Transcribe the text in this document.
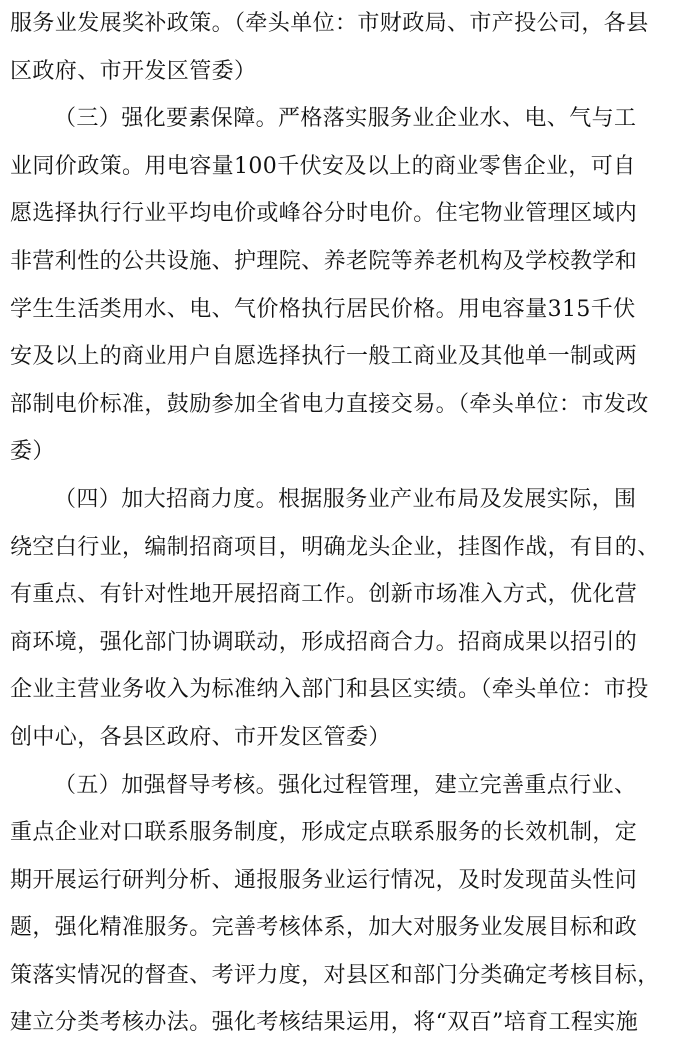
服务业发展奖补政策。（牵头单位：市财政局、市产投公司，各县
区政府、市开发区管委）
（三）强化要素保障。严格落实服务业企业水、电、气与工
业同价政策。用电容量100千伏安及以上的商业零售企业，可自
愿选择执行行业平均电价或峰谷分时电价。住宅物业管理区域内
非营利性的公共设施、护理院、养老院等养老机构及学校教学和
学生生活类用水、电、气价格执行居民价格。用电容量315千伏
安及以上的商业用户自愿选择执行一般工商业及其他单一制或两
部制电价标准，鼓励参加全省电力直接交易。（牵头单位：市发改
委）
（四）加大招商力度。根据服务业产业布局及发展实际，围
绕空白行业，编制招商项目，明确龙头企业，挂图作战，有目的、
有重点、有针对性地开展招商工作。创新市场准入方式，优化营
商环境，强化部门协调联动，形成招商合力。招商成果以招引的
企业主营业务收入为标准纳入部门和县区实绩。（牵头单位：市投
创中心，各县区政府、市开发区管委）
（五）加强督导考核。强化过程管理，建立完善重点行业、
重点企业对口联系服务制度，形成定点联系服务的长效机制，定
期开展运行研判分析、通报服务业运行情况，及时发现苗头性问
题，强化精准服务。完善考核体系，加大对服务业发展目标和政
策落实情况的督查、考评力度，对县区和部门分类确定考核目标，
建立分类考核办法。强化考核结果运用，将“双百”培育工程实施
